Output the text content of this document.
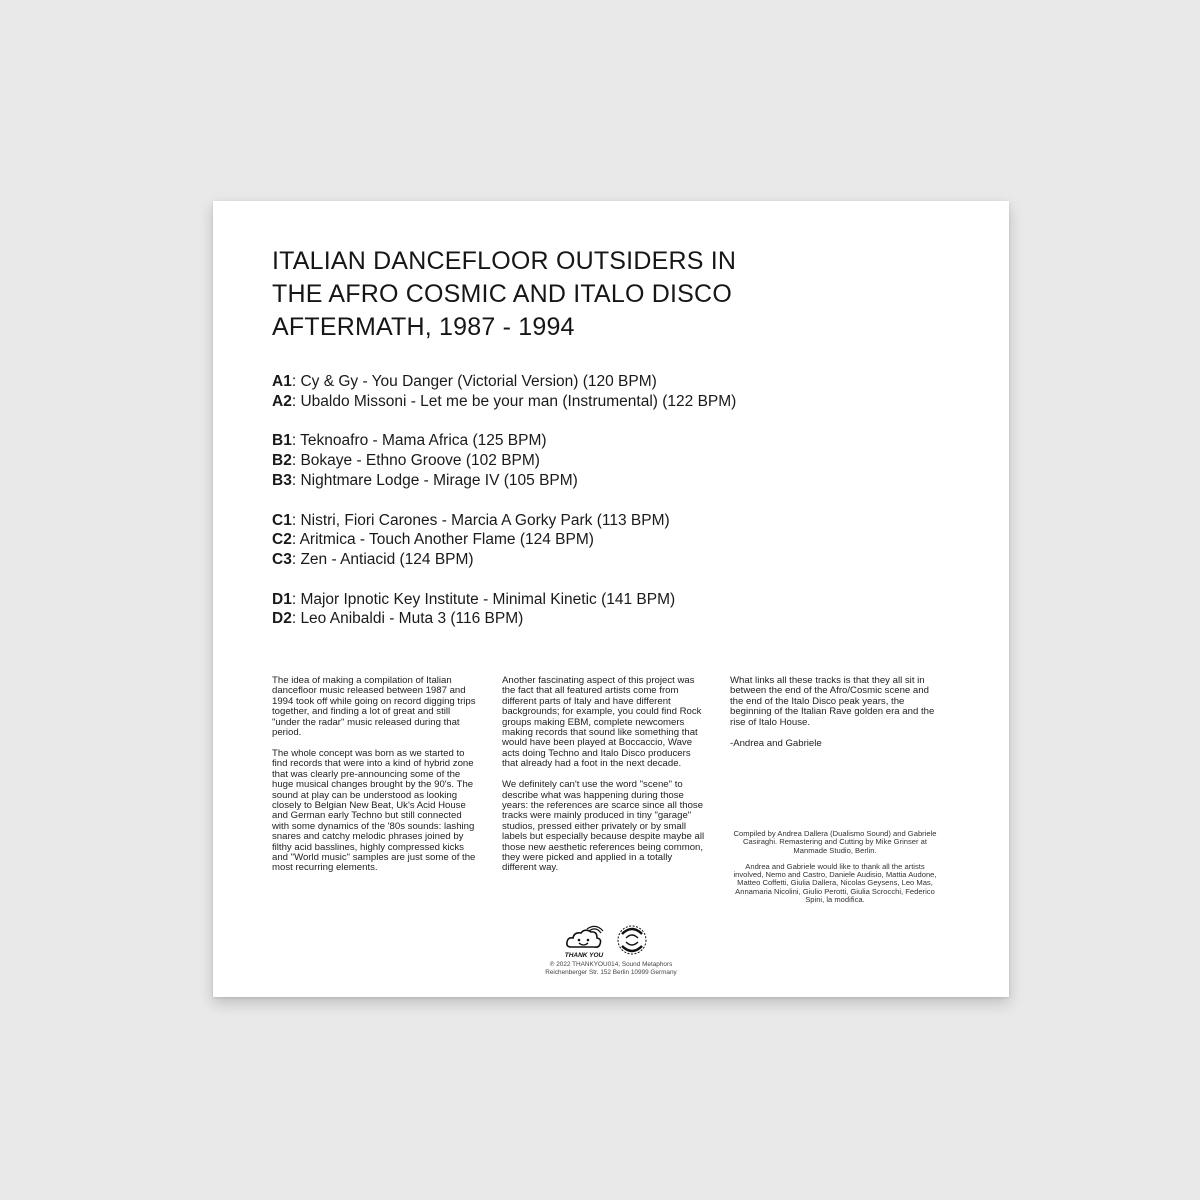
ITALIAN DANCEFLOOR OUTSIDERS IN
THE AFRO COSMIC AND ITALO DISCO
AFTERMATH, 1987 - 1994
A1: Cy & Gy - You Danger (Victorial Version) (120 BPM)
A2: Ubaldo Missoni - Let me be your man (Instrumental) (122 BPM)
B1: Teknoafro - Mama Africa (125 BPM)
B2: Bokaye - Ethno Groove (102 BPM)
B3: Nightmare Lodge - Mirage IV (105 BPM)
C1: Nistri, Fiori Carones - Marcia A Gorky Park (113 BPM)
C2: Aritmica - Touch Another Flame (124 BPM)
C3: Zen - Antiacid (124 BPM)
D1: Major Ipnotic Key Institute - Minimal Kinetic (141 BPM)
D2: Leo Anibaldi - Muta 3 (116 BPM)

The idea of making a compilation of Italian dancefloor music released between 1987 and 1994 took off while going on record digging trips together, and finding a lot of great and still "under the radar" music released during that period.

The whole concept was born as we started to find records that were into a kind of hybrid zone that was clearly pre-announcing some of the huge musical changes brought by the 90's. The sound at play can be understood as looking closely to Belgian New Beat, Uk's Acid House and German early Techno but still connected with some dynamics of the '80s sounds: lashing snares and catchy melodic phrases joined by filthy acid basslines, highly compressed kicks and "World music" samples are just some of the most recurring elements.

Another fascinating aspect of this project was the fact that all featured artists come from different parts of Italy and have different backgrounds; for example, you could find Rock groups making EBM, complete newcomers making records that sound like something that would have been played at Boccaccio, Wave acts doing Techno and Italo Disco producers that already had a foot in the next decade.

We definitely can't use the word "scene" to describe what was happening during those years: the references are scarce since all those tracks were mainly produced in tiny "garage" studios, pressed either privately or by small labels but especially because despite maybe all those new aesthetic references being common, they were picked and applied in a totally different way.

What links all these tracks is that they all sit in between the end of the Afro/Cosmic scene and the end of the Italo Disco peak years, the beginning of the Italian Rave golden era and the rise of Italo House.

-Andrea and Gabriele

Compiled by Andrea Dallera (Dualismo Sound) and Gabriele Casiraghi. Remastering and Cutting by Mike Grinser at Manmade Studio, Berlin.

Andrea and Gabriele would like to thank all the artists involved, Nemo and Castro, Daniele Audisio, Mattia Audone, Matteo Coffetti, Giulia Dallera, Nicolas Geysens, Leo Mas, Annamaria Nicolini, Giulio Perotti, Giulia Scrocchi, Federico Spini, la modifica.

THANK YOU
℗ 2022 THANKYOU014, Sound Metaphors
Reichenberger Str. 152 Berlin 10999 Germany
